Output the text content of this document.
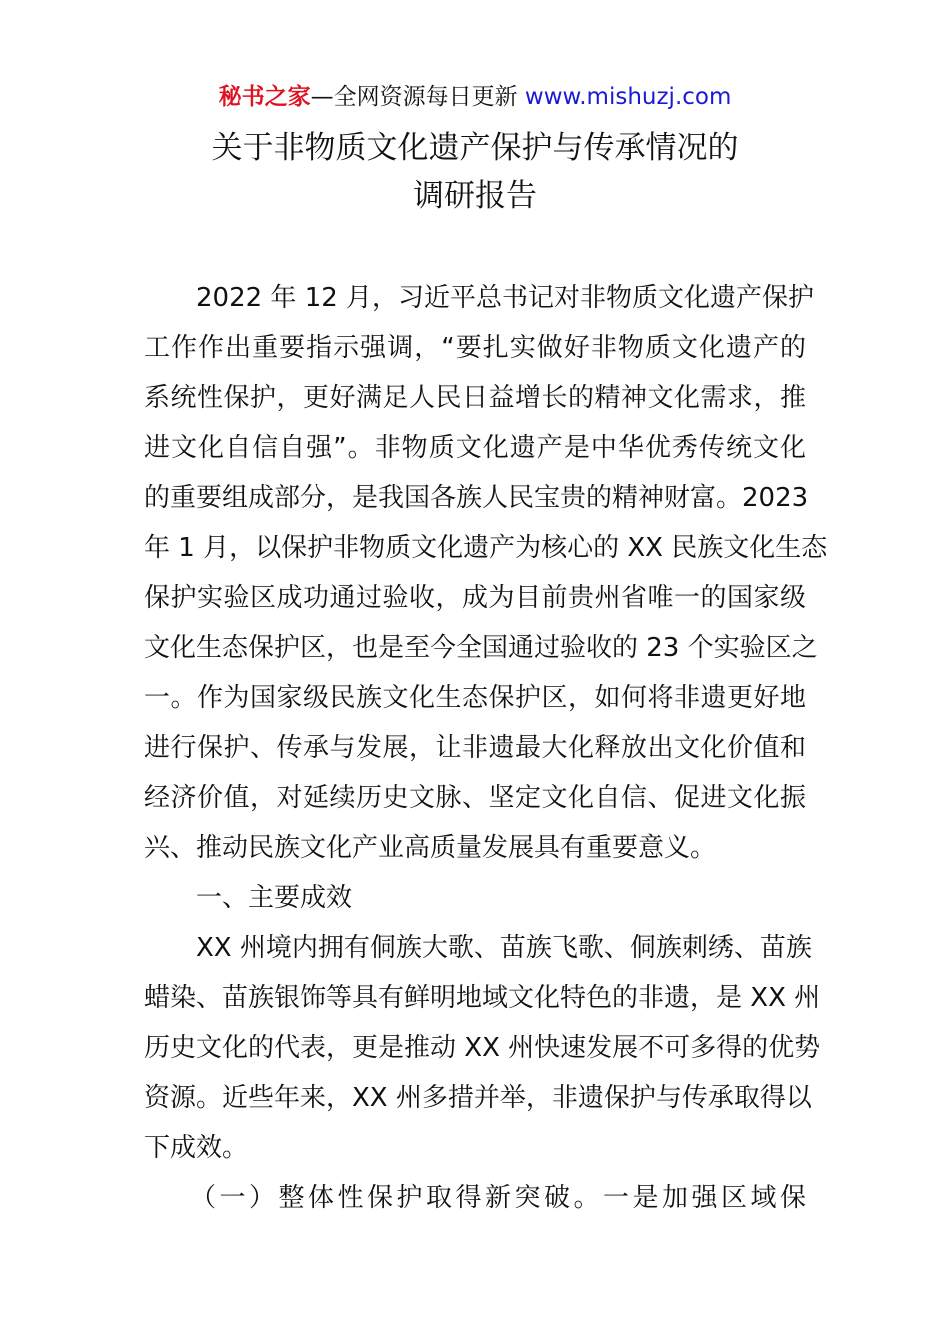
秘书之家—全网资源每日更新 www.mishuzj.com
关于非物质文化遗产保护与传承情况的
调研报告
　　2022 年 12 月，习近平总书记对非物质文化遗产保护
工作作出重要指示强调，“要扎实做好非物质文化遗产的
系统性保护，更好满足人民日益增长的精神文化需求，推
进文化自信自强”。非物质文化遗产是中华优秀传统文化
的重要组成部分，是我国各族人民宝贵的精神财富。2023
年 1 月，以保护非物质文化遗产为核心的 XX 民族文化生态
保护实验区成功通过验收，成为目前贵州省唯一的国家级
文化生态保护区，也是至今全国通过验收的 23 个实验区之
一。作为国家级民族文化生态保护区，如何将非遗更好地
进行保护、传承与发展，让非遗最大化释放出文化价值和
经济价值，对延续历史文脉、坚定文化自信、促进文化振
兴、推动民族文化产业高质量发展具有重要意义。
　　一、主要成效
　　XX 州境内拥有侗族大歌、苗族飞歌、侗族刺绣、苗族
蜡染、苗族银饰等具有鲜明地域文化特色的非遗，是 XX 州
历史文化的代表，更是推动 XX 州快速发展不可多得的优势
资源。近些年来，XX 州多措并举，非遗保护与传承取得以
下成效。
　　（一）整体性保护取得新突破。一是加强区域保
